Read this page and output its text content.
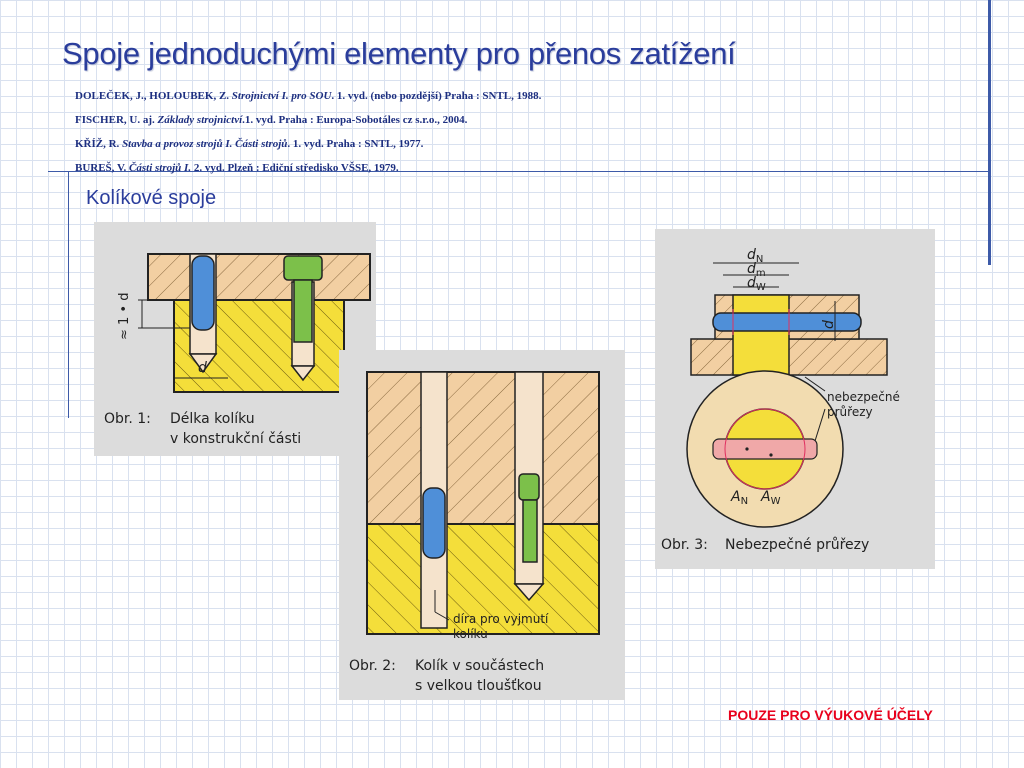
Spoje jednoduchými elementy pro přenos zatížení
DOLEČEK, J., HOLOUBEK, Z. Strojnictví I. pro SOU. 1. vyd. (nebo pozdější) Praha : SNTL, 1988.
FISCHER, U. aj. Základy strojnictví.1. vyd. Praha : Europa-Sobotáles cz s.r.o., 2004.
KŘÍŽ, R. Stavba a provoz strojů I. Části strojů. 1. vyd. Praha : SNTL, 1977.
BUREŠ, V. Části strojů I. 2. vyd. Plzeň : Ediční středisko VŠSE, 1979.
Kolíkové spoje
≈ 1 • d
d
Obr. 1: Délka kolíku
v konstrukční části
díra pro vyjmutí
kolíku
Obr. 2: Kolík v součástech
s velkou tloušťkou
$d_N$
$d_m$
$d_W$
d
nebezpečné
průřezy
$A_N$ $A_W$
Obr. 3: Nebezpečné průřezy
POUZE PRO VÝUKOVÉ ÚČELY
